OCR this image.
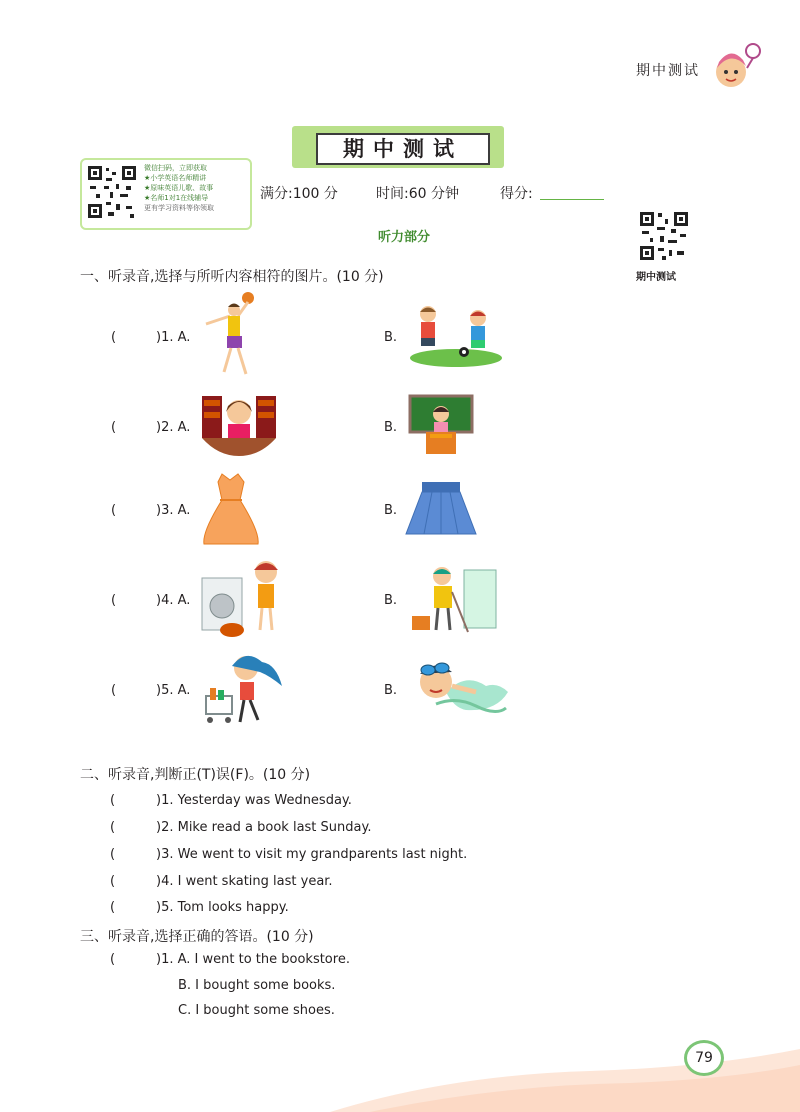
期中测试
期中测试
微信扫码，立即获取
★小学英语名师精讲
★原味英语儿歌、故事
★名师1对1在线辅导
更有学习资料等你领取
满分:100 分	时间:60 分钟	得分:
期中测试
听力部分
一、听录音,选择与所听内容相符的图片。(10 分)
(	)1. A.	B.
(	)2. A.	B.
(	)3. A.	B.
(	)4. A.	B.
(	)5. A.	B.
二、听录音,判断正(T)误(F)。(10 分)
(	)1. Yesterday was Wednesday.
(	)2. Mike read a book last Sunday.
(	)3. We went to visit my grandparents last night.
(	)4. I went skating last year.
(	)5. Tom looks happy.
三、听录音,选择正确的答语。(10 分)
(	)1. A. I went to the bookstore.
B. I bought some books.
C. I bought some shoes.
79
